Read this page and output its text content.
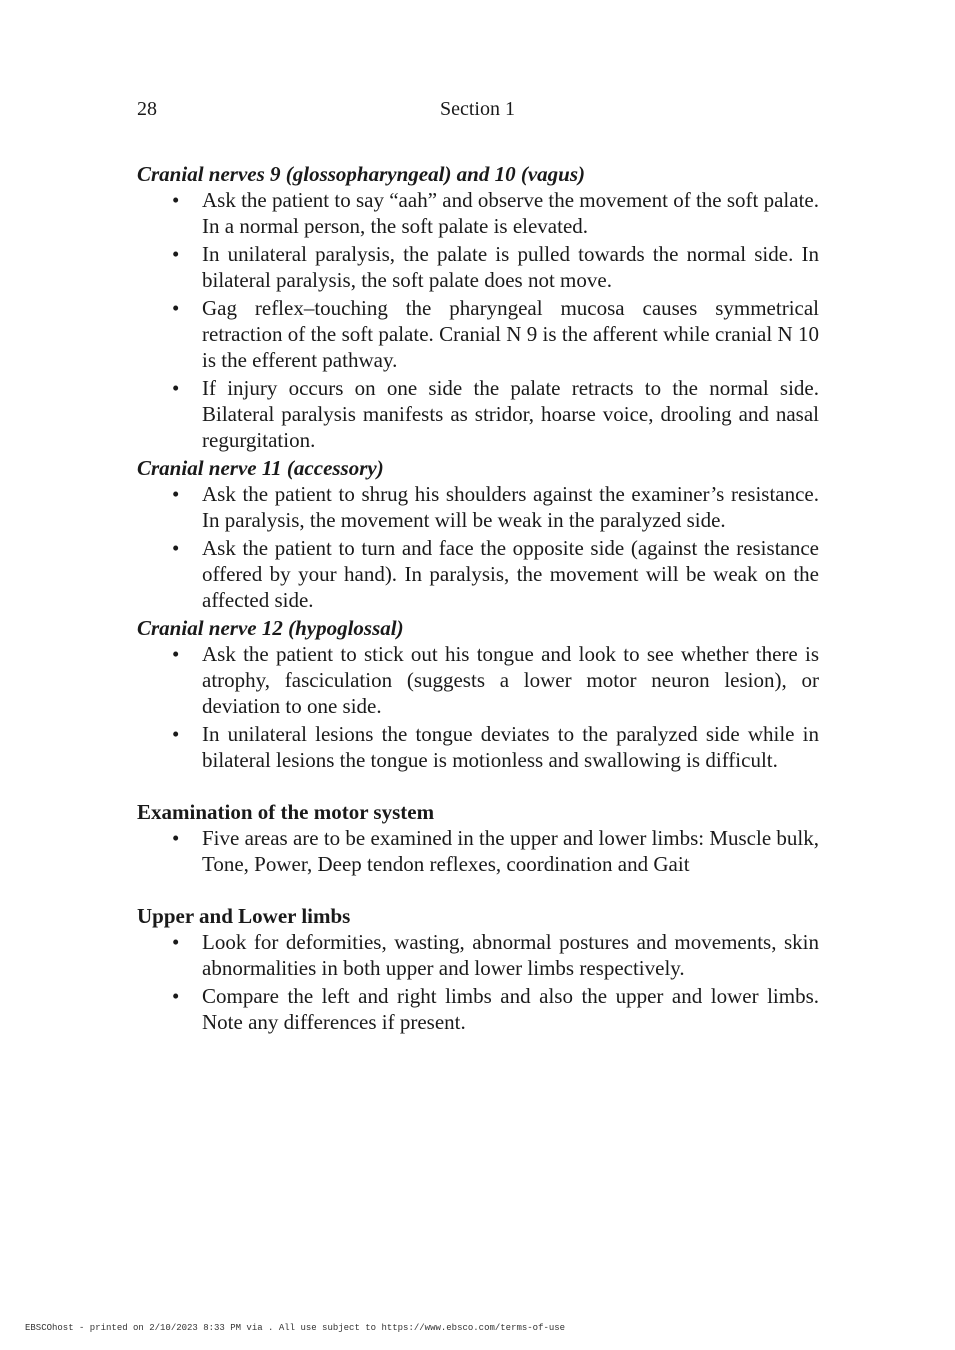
28	Section 1

Cranial nerves 9 (glossopharyngeal) and 10 (vagus)

• Ask the patient to say “aah” and observe the movement of the soft palate. In a normal person, the soft palate is elevated.
• In unilateral paralysis, the palate is pulled towards the normal side. In bilateral paralysis, the soft palate does not move.
• Gag reflex–touching the pharyngeal mucosa causes symmetrical retraction of the soft palate. Cranial N 9 is the afferent while cranial N 10 is the efferent pathway.
• If injury occurs on one side the palate retracts to the normal side. Bilateral paralysis manifests as stridor, hoarse voice, drooling and nasal regurgitation.

Cranial nerve 11 (accessory)

• Ask the patient to shrug his shoulders against the examiner’s resistance. In paralysis, the movement will be weak in the paralyzed side.
• Ask the patient to turn and face the opposite side (against the resistance offered by your hand). In paralysis, the movement will be weak on the affected side.

Cranial nerve 12 (hypoglossal)

• Ask the patient to stick out his tongue and look to see whether there is atrophy, fasciculation (suggests a lower motor neuron lesion), or deviation to one side.
• In unilateral lesions the tongue deviates to the paralyzed side while in bilateral lesions the tongue is motionless and swallowing is difficult.

Examination of the motor system

• Five areas are to be examined in the upper and lower limbs: Muscle bulk, Tone, Power, Deep tendon reflexes, coordination and Gait

Upper and Lower limbs

• Look for deformities, wasting, abnormal postures and movements, skin abnormalities in both upper and lower limbs respectively.
• Compare the left and right limbs and also the upper and lower limbs. Note any differences if present.
EBSCOhost - printed on 2/10/2023 8:33 PM via . All use subject to https://www.ebsco.com/terms-of-use
